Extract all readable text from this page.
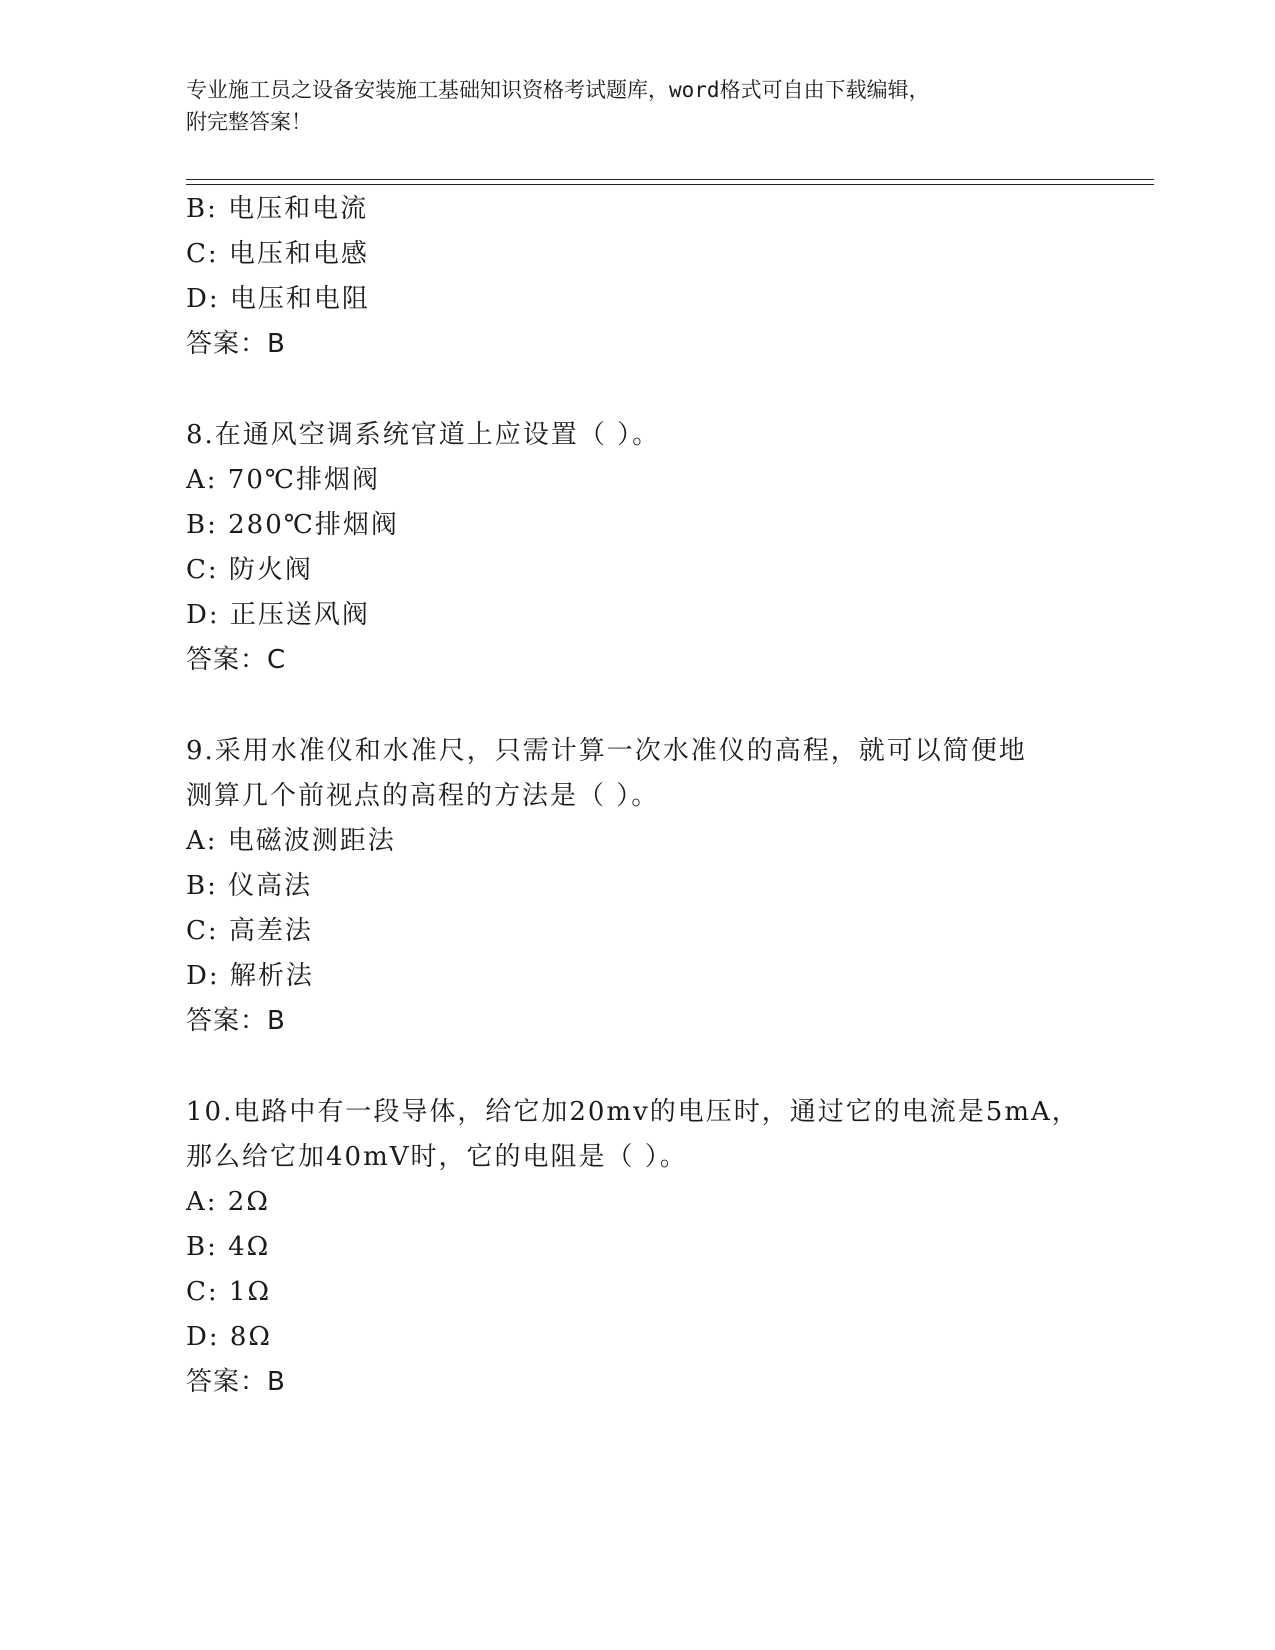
专业施工员之设备安装施工基础知识资格考试题库，word格式可自由下载编辑，
附完整答案！
B: 电压和电流
C: 电压和电感
D: 电压和电阻
答案：B
8.在通风空调系统官道上应设置（ ）。
A: 70℃排烟阀
B: 280℃排烟阀
C: 防火阀
D: 正压送风阀
答案：C
9.采用水准仪和水准尺，只需计算一次水准仪的高程，就可以简便地
测算几个前视点的高程的方法是（ ）。
A: 电磁波测距法
B: 仪高法
C: 高差法
D: 解析法
答案：B
10.电路中有一段导体，给它加20mv的电压时，通过它的电流是5mA，
那么给它加40mV时，它的电阻是（ ）。
A: 2Ω
B: 4Ω
C: 1Ω
D: 8Ω
答案：B
